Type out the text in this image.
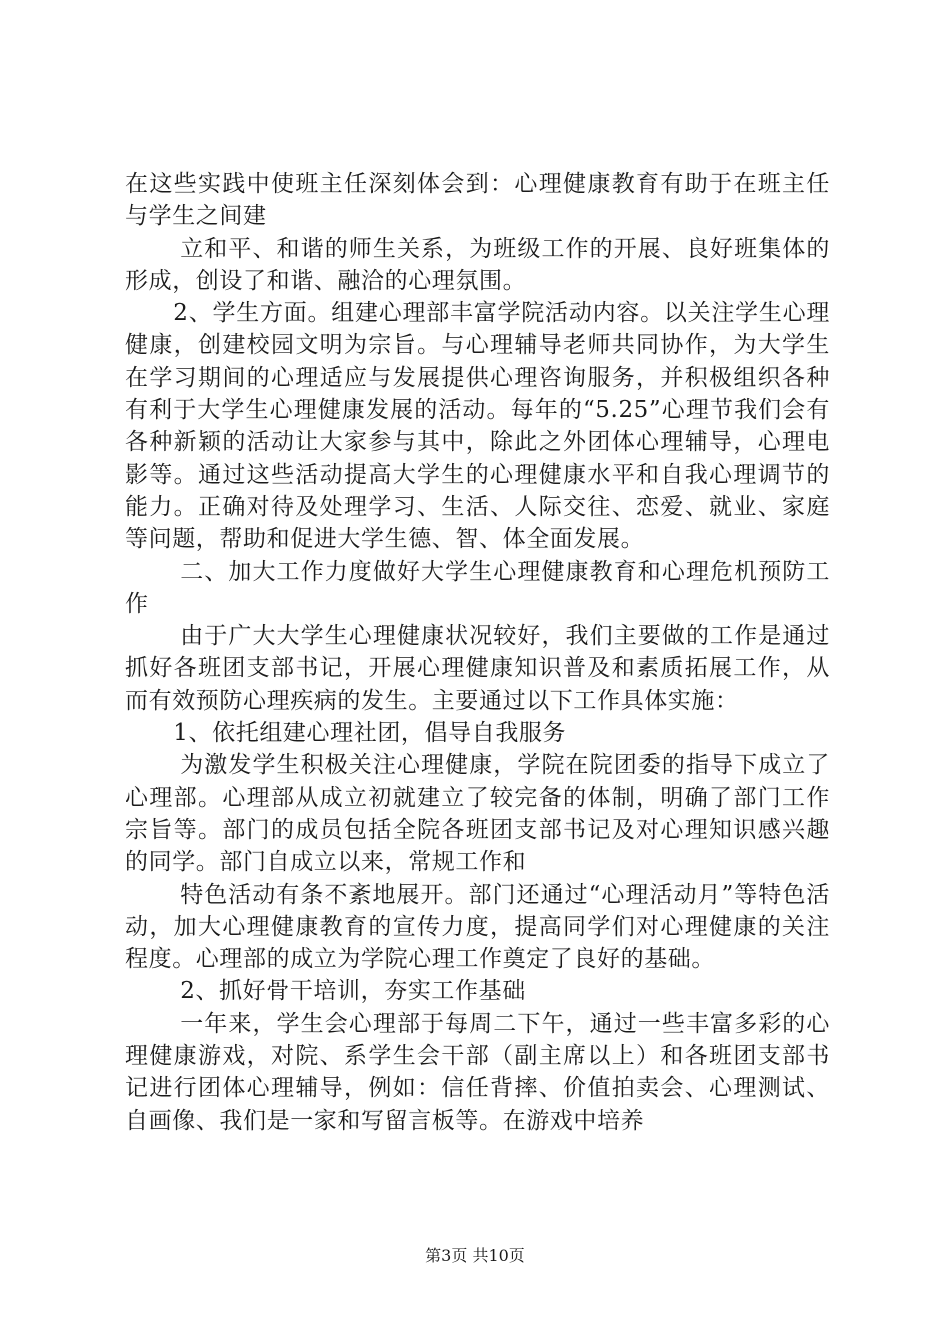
在这些实践中使班主任深刻体会到：心理健康教育有助于在班主任与学生之间建

立和平、和谐的师生关系，为班级工作的开展、良好班集体的形成，创设了和谐、融洽的心理氛围。

2、学生方面。组建心理部丰富学院活动内容。以关注学生心理健康，创建校园文明为宗旨。与心理辅导老师共同协作，为大学生在学习期间的心理适应与发展提供心理咨询服务，并积极组织各种有利于大学生心理健康发展的活动。每年的“5.25”心理节我们会有各种新颖的活动让大家参与其中，除此之外团体心理辅导，心理电影等。通过这些活动提高大学生的心理健康水平和自我心理调节的能力。正确对待及处理学习、生活、人际交往、恋爱、就业、家庭等问题，帮助和促进大学生德、智、体全面发展。

二、加大工作力度做好大学生心理健康教育和心理危机预防工作

由于广大大学生心理健康状况较好，我们主要做的工作是通过抓好各班团支部书记，开展心理健康知识普及和素质拓展工作，从而有效预防心理疾病的发生。主要通过以下工作具体实施：

1、依托组建心理社团，倡导自我服务

为激发学生积极关注心理健康，学院在院团委的指导下成立了心理部。心理部从成立初就建立了较完备的体制，明确了部门工作宗旨等。部门的成员包括全院各班团支部书记及对心理知识感兴趣的同学。部门自成立以来，常规工作和

特色活动有条不紊地展开。部门还通过“心理活动月”等特色活动，加大心理健康教育的宣传力度，提高同学们对心理健康的关注程度。心理部的成立为学院心理工作奠定了良好的基础。

2、抓好骨干培训，夯实工作基础

一年来，学生会心理部于每周二下午，通过一些丰富多彩的心理健康游戏，对院、系学生会干部（副主席以上）和各班团支部书记进行团体心理辅导，例如：信任背摔、价值拍卖会、心理测试、自画像、我们是一家和写留言板等。在游戏中培养

第3页 共10页
